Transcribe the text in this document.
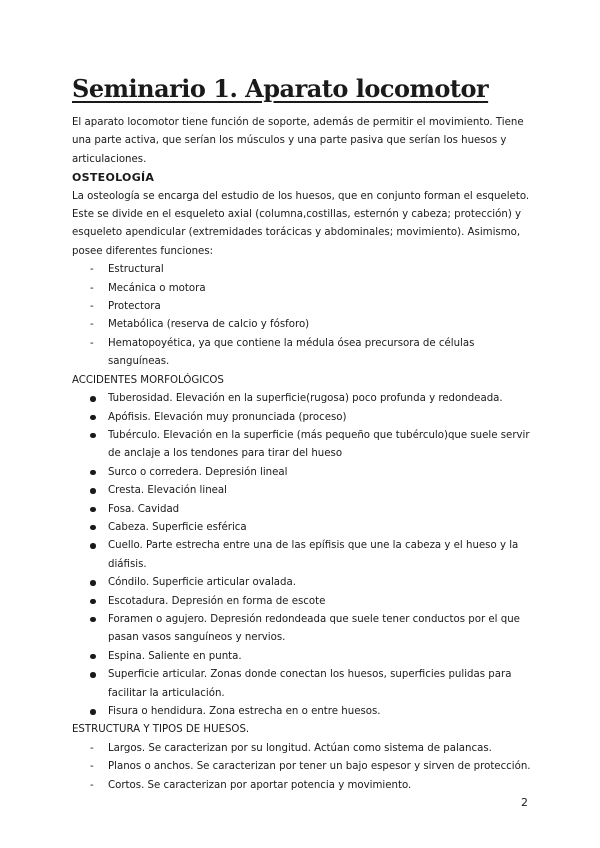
Seminario 1. Aparato locomotor

El aparato locomotor tiene función de soporte, además de permitir el movimiento. Tiene una parte activa, que serían los músculos y una parte pasiva que serían los huesos y articulaciones.

OSTEOLOGÍA

La osteología se encarga del estudio de los huesos, que en conjunto forman el esqueleto. Este se divide en el esqueleto axial (columna,costillas, esternón y cabeza; protección) y esqueleto apendicular (extremidades torácicas y abdominales; movimiento). Asimismo, posee diferentes funciones:

- Estructural
- Mecánica o motora
- Protectora
- Metabólica (reserva de calcio y fósforo)
- Hematopoyética, ya que contiene la médula ósea precursora de células sanguíneas.

ACCIDENTES MORFOLÓGICOS

Tuberosidad. Elevación en la superficie(rugosa) poco profunda y redondeada.
Apófisis. Elevación muy pronunciada (proceso)
Tubérculo. Elevación en la superficie (más pequeño que tubérculo)que suele servir de anclaje a los tendones para tirar del hueso
Surco o corredera. Depresión lineal
Cresta. Elevación lineal
Fosa. Cavidad
Cabeza. Superficie esférica
Cuello. Parte estrecha entre una de las epífisis que une la cabeza y el hueso y la diáfisis.
Cóndilo. Superficie articular ovalada.
Escotadura. Depresión en forma de escote
Foramen o agujero. Depresión redondeada que suele tener conductos por el que pasan vasos sanguíneos y nervios.
Espina. Saliente en punta.
Superficie articular. Zonas donde conectan los huesos, superficies pulidas para facilitar la articulación.
Fisura o hendidura. Zona estrecha en o entre huesos.

ESTRUCTURA Y TIPOS DE HUESOS.

- Largos. Se caracterizan por su longitud. Actúan como sistema de palancas.
- Planos o anchos. Se caracterizan por tener un bajo espesor y sirven de protección.
- Cortos. Se caracterizan por aportar potencia y movimiento.
2
